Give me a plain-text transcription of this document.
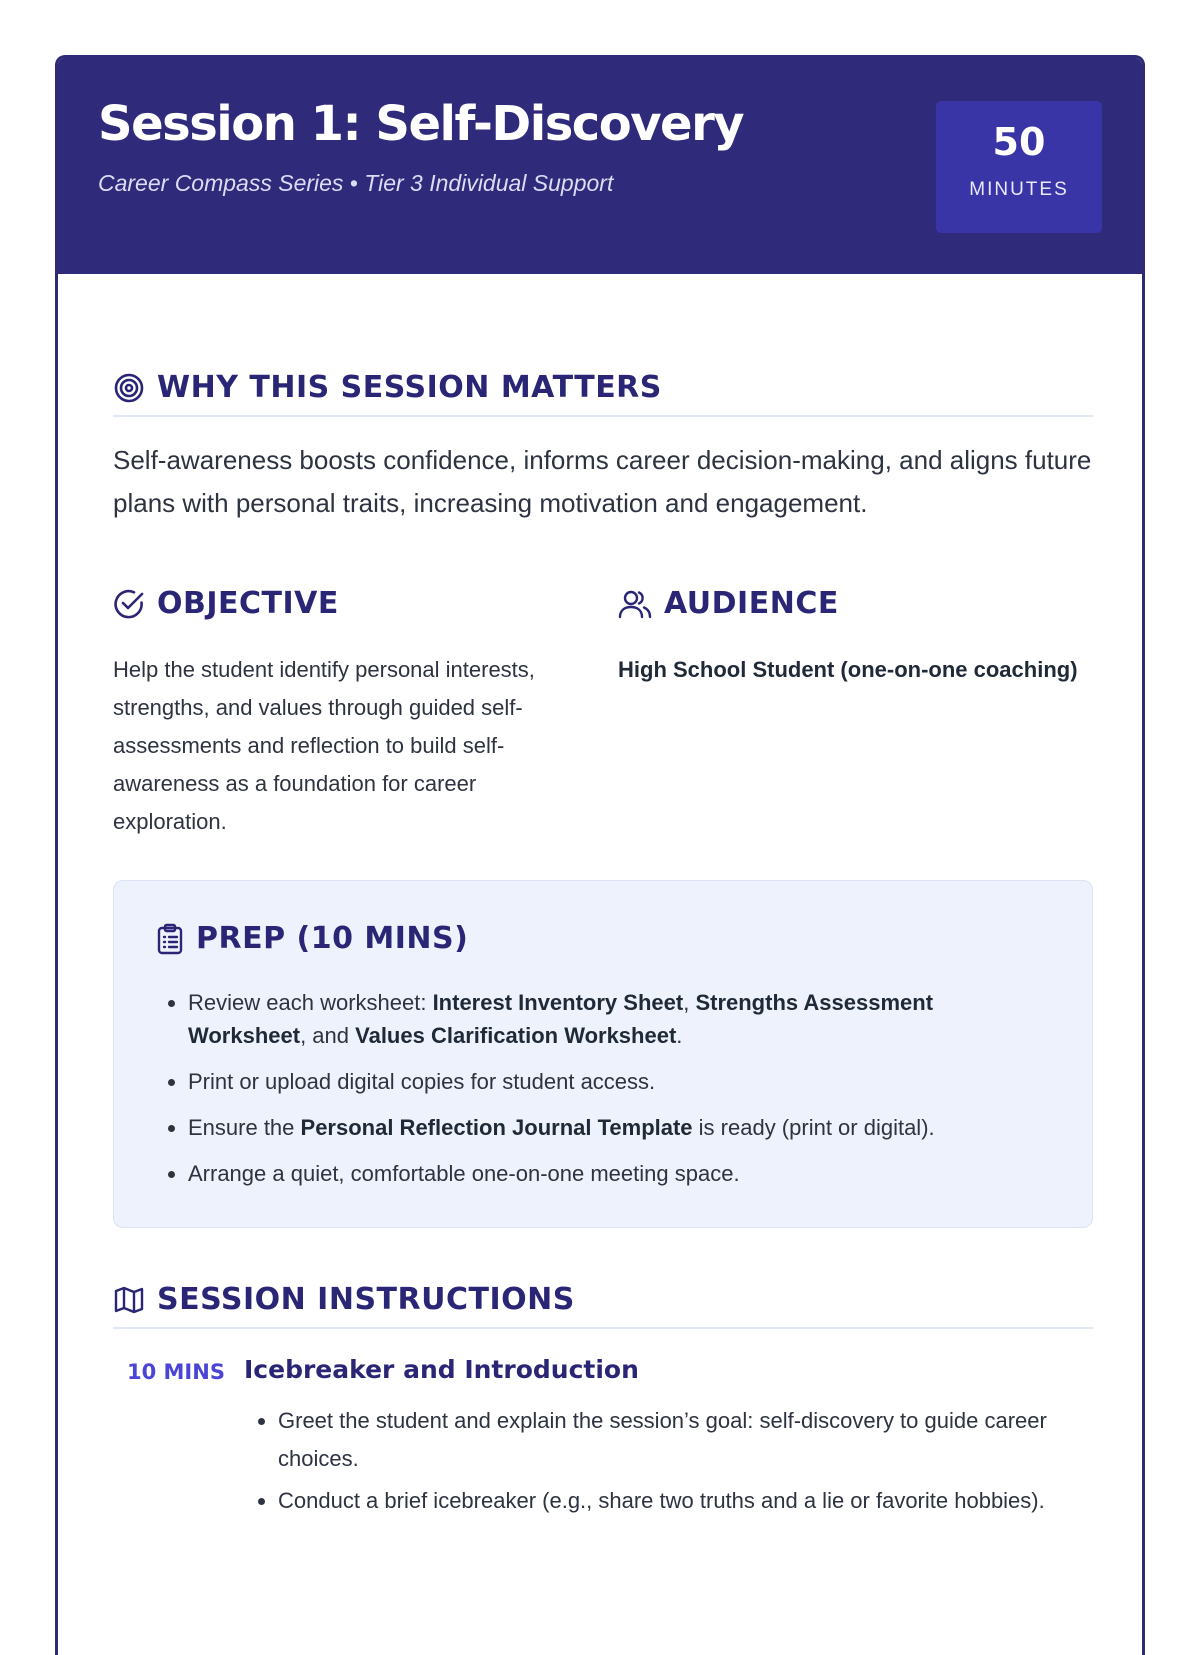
Session 1: Self-Discovery
Career Compass Series • Tier 3 Individual Support
50
MINUTES
WHY THIS SESSION MATTERS

Self-awareness boosts confidence, informs career decision-making, and aligns future plans with personal traits, increasing motivation and engagement.

OBJECTIVE

Help the student identify personal interests, strengths, and values through guided self-assessments and reflection to build self-awareness as a foundation for career exploration.

AUDIENCE

High School Student (one-on-one coaching)

PREP (10 MINS)
• Review each worksheet: Interest Inventory Sheet, Strengths Assessment Worksheet, and Values Clarification Worksheet.
• Print or upload digital copies for student access.
• Ensure the Personal Reflection Journal Template is ready (print or digital).
• Arrange a quiet, comfortable one-on-one meeting space.
SESSION INSTRUCTIONS
10 MINS Icebreaker and Introduction
• Greet the student and explain the session’s goal: self-discovery to guide career choices.
• Conduct a brief icebreaker (e.g., share two truths and a lie or favorite hobbies).
